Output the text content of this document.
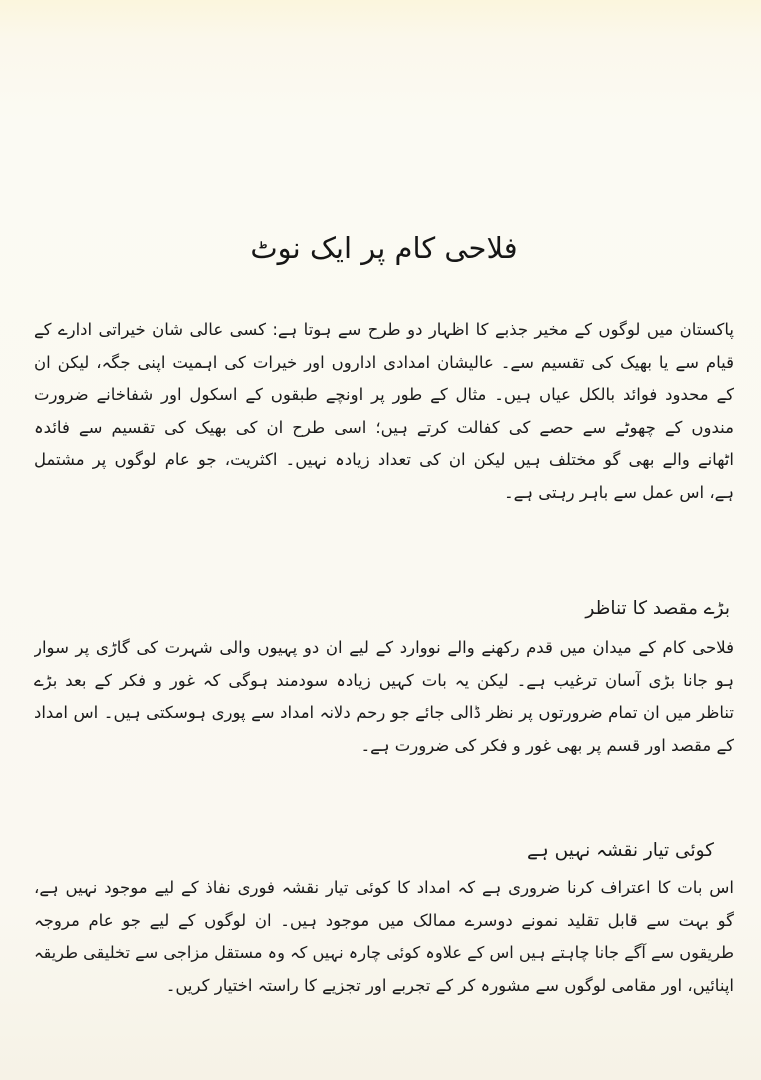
فلاحی کام پر ایک نوٹ
پاکستان میں لوگوں کے مخیر جذبے کا اظہار دو طرح سے ہوتا ہے: کسی عالی شان خیراتی ادارے کے
قیام سے یا بھیک کی تقسیم سے۔ عالیشان امدادی اداروں اور خیرات کی اہمیت اپنی جگہ، لیکن ان
کے محدود فوائد بالکل عیاں ہیں۔ مثال کے طور پر اونچے طبقوں کے اسکول اور شفاخانے ضرورت
مندوں کے چھوٹے سے حصے کی کفالت کرتے ہیں؛ اسی طرح ان کی بھیک کی تقسیم سے فائدہ
اٹھانے والے بھی گو مختلف ہیں لیکن ان کی تعداد زیادہ نہیں۔ اکثریت، جو عام لوگوں پر مشتمل
ہے، اس عمل سے باہر رہتی ہے۔
بڑے مقصد کا تناظر
فلاحی کام کے میدان میں قدم رکھنے والے نووارد کے لیے ان دو پہیوں والی شہرت کی گاڑی پر سوار
ہو جانا بڑی آسان ترغیب ہے۔ لیکن یہ بات کہیں زیادہ سودمند ہوگی کہ غور و فکر کے بعد بڑے
تناظر میں ان تمام ضرورتوں پر نظر ڈالی جائے جو رحم دلانہ امداد سے پوری ہوسکتی ہیں۔ اس امداد
کے مقصد اور قسم پر بھی غور و فکر کی ضرورت ہے۔
کوئی تیار نقشہ نہیں ہے
اس بات کا اعتراف کرنا ضروری ہے کہ امداد کا کوئی تیار نقشہ فوری نفاذ کے لیے موجود نہیں ہے،
گو بہت سے قابل تقلید نمونے دوسرے ممالک میں موجود ہیں۔ ان لوگوں کے لیے جو عام مروجہ
طریقوں سے آگے جانا چاہتے ہیں اس کے علاوہ کوئی چارہ نہیں کہ وہ مستقل مزاجی سے تخلیقی طریقہ
اپنائیں، اور مقامی لوگوں سے مشورہ کر کے تجربے اور تجزیے کا راستہ اختیار کریں۔
